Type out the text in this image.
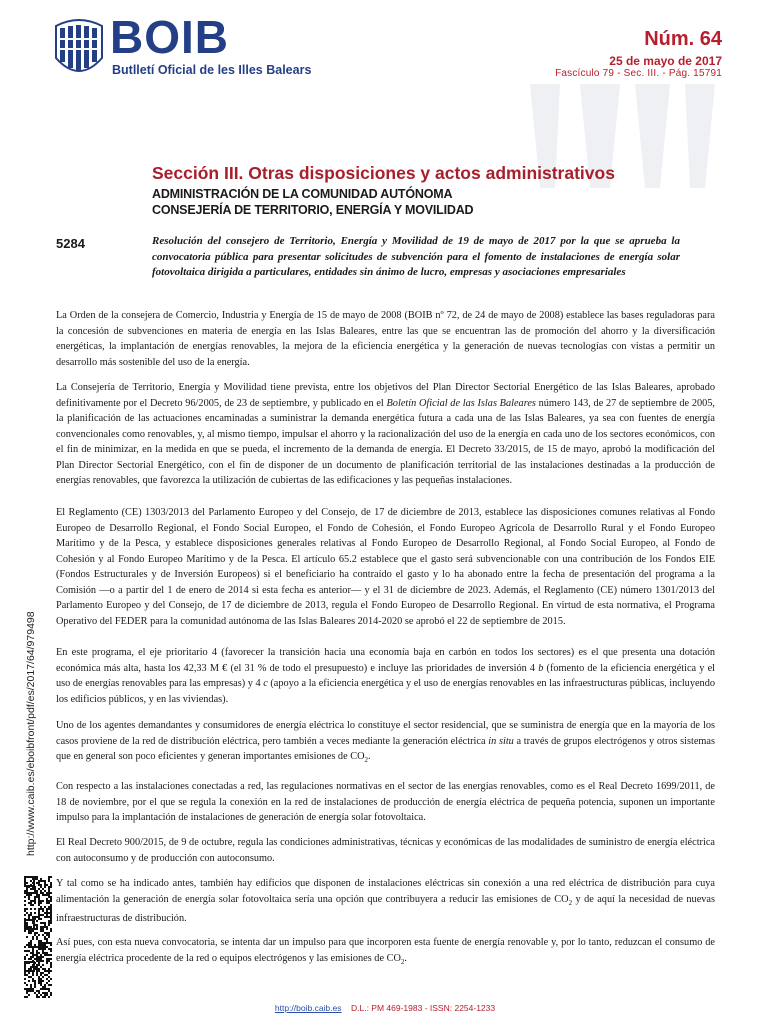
BOIB
Butlletí Oficial de les Illes Balears
Núm. 64
25 de mayo de 2017
Fascículo 79 - Sec. III. - Pág. 15791
Sección III. Otras disposiciones y actos administrativos
ADMINISTRACIÓN DE LA COMUNIDAD AUTÓNOMA
CONSEJERÍA DE TERRITORIO, ENERGÍA Y MOVILIDAD
5284	Resolución del consejero de Territorio, Energía y Movilidad de 19 de mayo de 2017 por la que se aprueba la convocatoria pública para presentar solicitudes de subvención para el fomento de instalaciones de energía solar fotovoltaica dirigida a particulares, entidades sin ánimo de lucro, empresas y asociaciones empresariales

La Orden de la consejera de Comercio, Industria y Energía de 15 de mayo de 2008 (BOIB nº 72, de 24 de mayo de 2008) establece las bases reguladoras para la concesión de subvenciones en materia de energía en las Islas Baleares, entre las que se encuentran las de promoción del ahorro y la diversificación energéticas, la implantación de energías renovables, la mejora de la eficiencia energética y la generación de nuevas tecnologías con vistas a permitir un desarrollo más sostenible del uso de la energía.

La Consejería de Territorio, Energía y Movilidad tiene prevista, entre los objetivos del Plan Director Sectorial Energético de las Islas Baleares, aprobado definitivamente por el Decreto 96/2005, de 23 de septiembre, y publicado en el Boletín Oficial de las Islas Baleares número 143, de 27 de septiembre de 2005, la planificación de las actuaciones encaminadas a suministrar la demanda energética futura a cada una de las Islas Baleares, ya sea con fuentes de energía convencionales como renovables, y, al mismo tiempo, impulsar el ahorro y la racionalización del uso de la energía en cada uno de los sectores económicos, con el fin de minimizar, en la medida en que se pueda, el incremento de la demanda de energía. El Decreto 33/2015, de 15 de mayo, aprobó la modificación del Plan Director Sectorial Energético, con el fin de disponer de un documento de planificación territorial de las instalaciones destinadas a la producción de energías renovables, que favorezca la utilización de cubiertas de las edificaciones y las pequeñas instalaciones.

El Reglamento (CE) 1303/2013 del Parlamento Europeo y del Consejo, de 17 de diciembre de 2013, establece las disposiciones comunes relativas al Fondo Europeo de Desarrollo Regional, el Fondo Social Europeo, el Fondo de Cohesión, el Fondo Europeo Agrícola de Desarrollo Rural y el Fondo Europeo Marítimo y de la Pesca, y establece disposiciones generales relativas al Fondo Europeo de Desarrollo Regional, al Fondo Social Europeo, al Fondo de Cohesión y al Fondo Europeo Marítimo y de la Pesca. El artículo 65.2 establece que el gasto será subvencionable con una contribución de los Fondos EIE (Fondos Estructurales y de Inversión Europeos) si el beneficiario ha contraído el gasto y lo ha abonado entre la fecha de presentación del programa a la Comisión —o a partir del 1 de enero de 2014 si esta fecha es anterior— y el 31 de diciembre de 2023. Además, el Reglamento (CE) número 1301/2013 del Parlamento Europeo y del Consejo, de 17 de diciembre de 2013, regula el Fondo Europeo de Desarrollo Regional. En virtud de esta normativa, el Programa Operativo del FEDER para la comunidad autónoma de las Islas Baleares 2014-2020 se aprobó el 22 de septiembre de 2015.

En este programa, el eje prioritario 4 (favorecer la transición hacia una economía baja en carbón en todos los sectores) es el que presenta una dotación económica más alta, hasta los 42,33 M € (el 31 % de todo el presupuesto) e incluye las prioridades de inversión 4 b (fomento de la eficiencia energética y el uso de energías renovables para las empresas) y 4 c (apoyo a la eficiencia energética y el uso de energías renovables en las infraestructuras públicas, incluyendo los edificios públicos, y en las viviendas).

Uno de los agentes demandantes y consumidores de energía eléctrica lo constituye el sector residencial, que se suministra de energía que en la mayoría de los casos proviene de la red de distribución eléctrica, pero también a veces mediante la generación eléctrica in situ a través de grupos electrógenos y otros sistemas que en general son poco eficientes y generan importantes emisiones de $CO_2$.

Con respecto a las instalaciones conectadas a red, las regulaciones normativas en el sector de las energías renovables, como es el Real Decreto 1699/2011, de 18 de noviembre, por el que se regula la conexión en la red de instalaciones de producción de energía eléctrica de pequeña potencia, suponen un importante impulso para la implantación de instalaciones de generación de energía solar fotovoltaica.

El Real Decreto 900/2015, de 9 de octubre, regula las condiciones administrativas, técnicas y económicas de las modalidades de suministro de energía eléctrica con autoconsumo y de producción con autoconsumo.

Y tal como se ha indicado antes, también hay edificios que disponen de instalaciones eléctricas sin conexión a una red eléctrica de distribución para cuya alimentación la generación de energía solar fotovoltaica sería una opción que contribuyera a reducir las emisiones de $CO_2$ y de aquí la necesidad de nuevas infraestructuras de distribución.

Así pues, con esta nueva convocatoria, se intenta dar un impulso para que incorporen esta fuente de energía renovable y, por lo tanto, reduzcan el consumo de energía eléctrica procedente de la red o equipos electrógenos y las emisiones de $CO_2$.

http://www.caib.es/eboibfront/pdf/es/2017/64/979498
http://boib.caib.es D.L.: PM 469-1983 - ISSN: 2254-1233
